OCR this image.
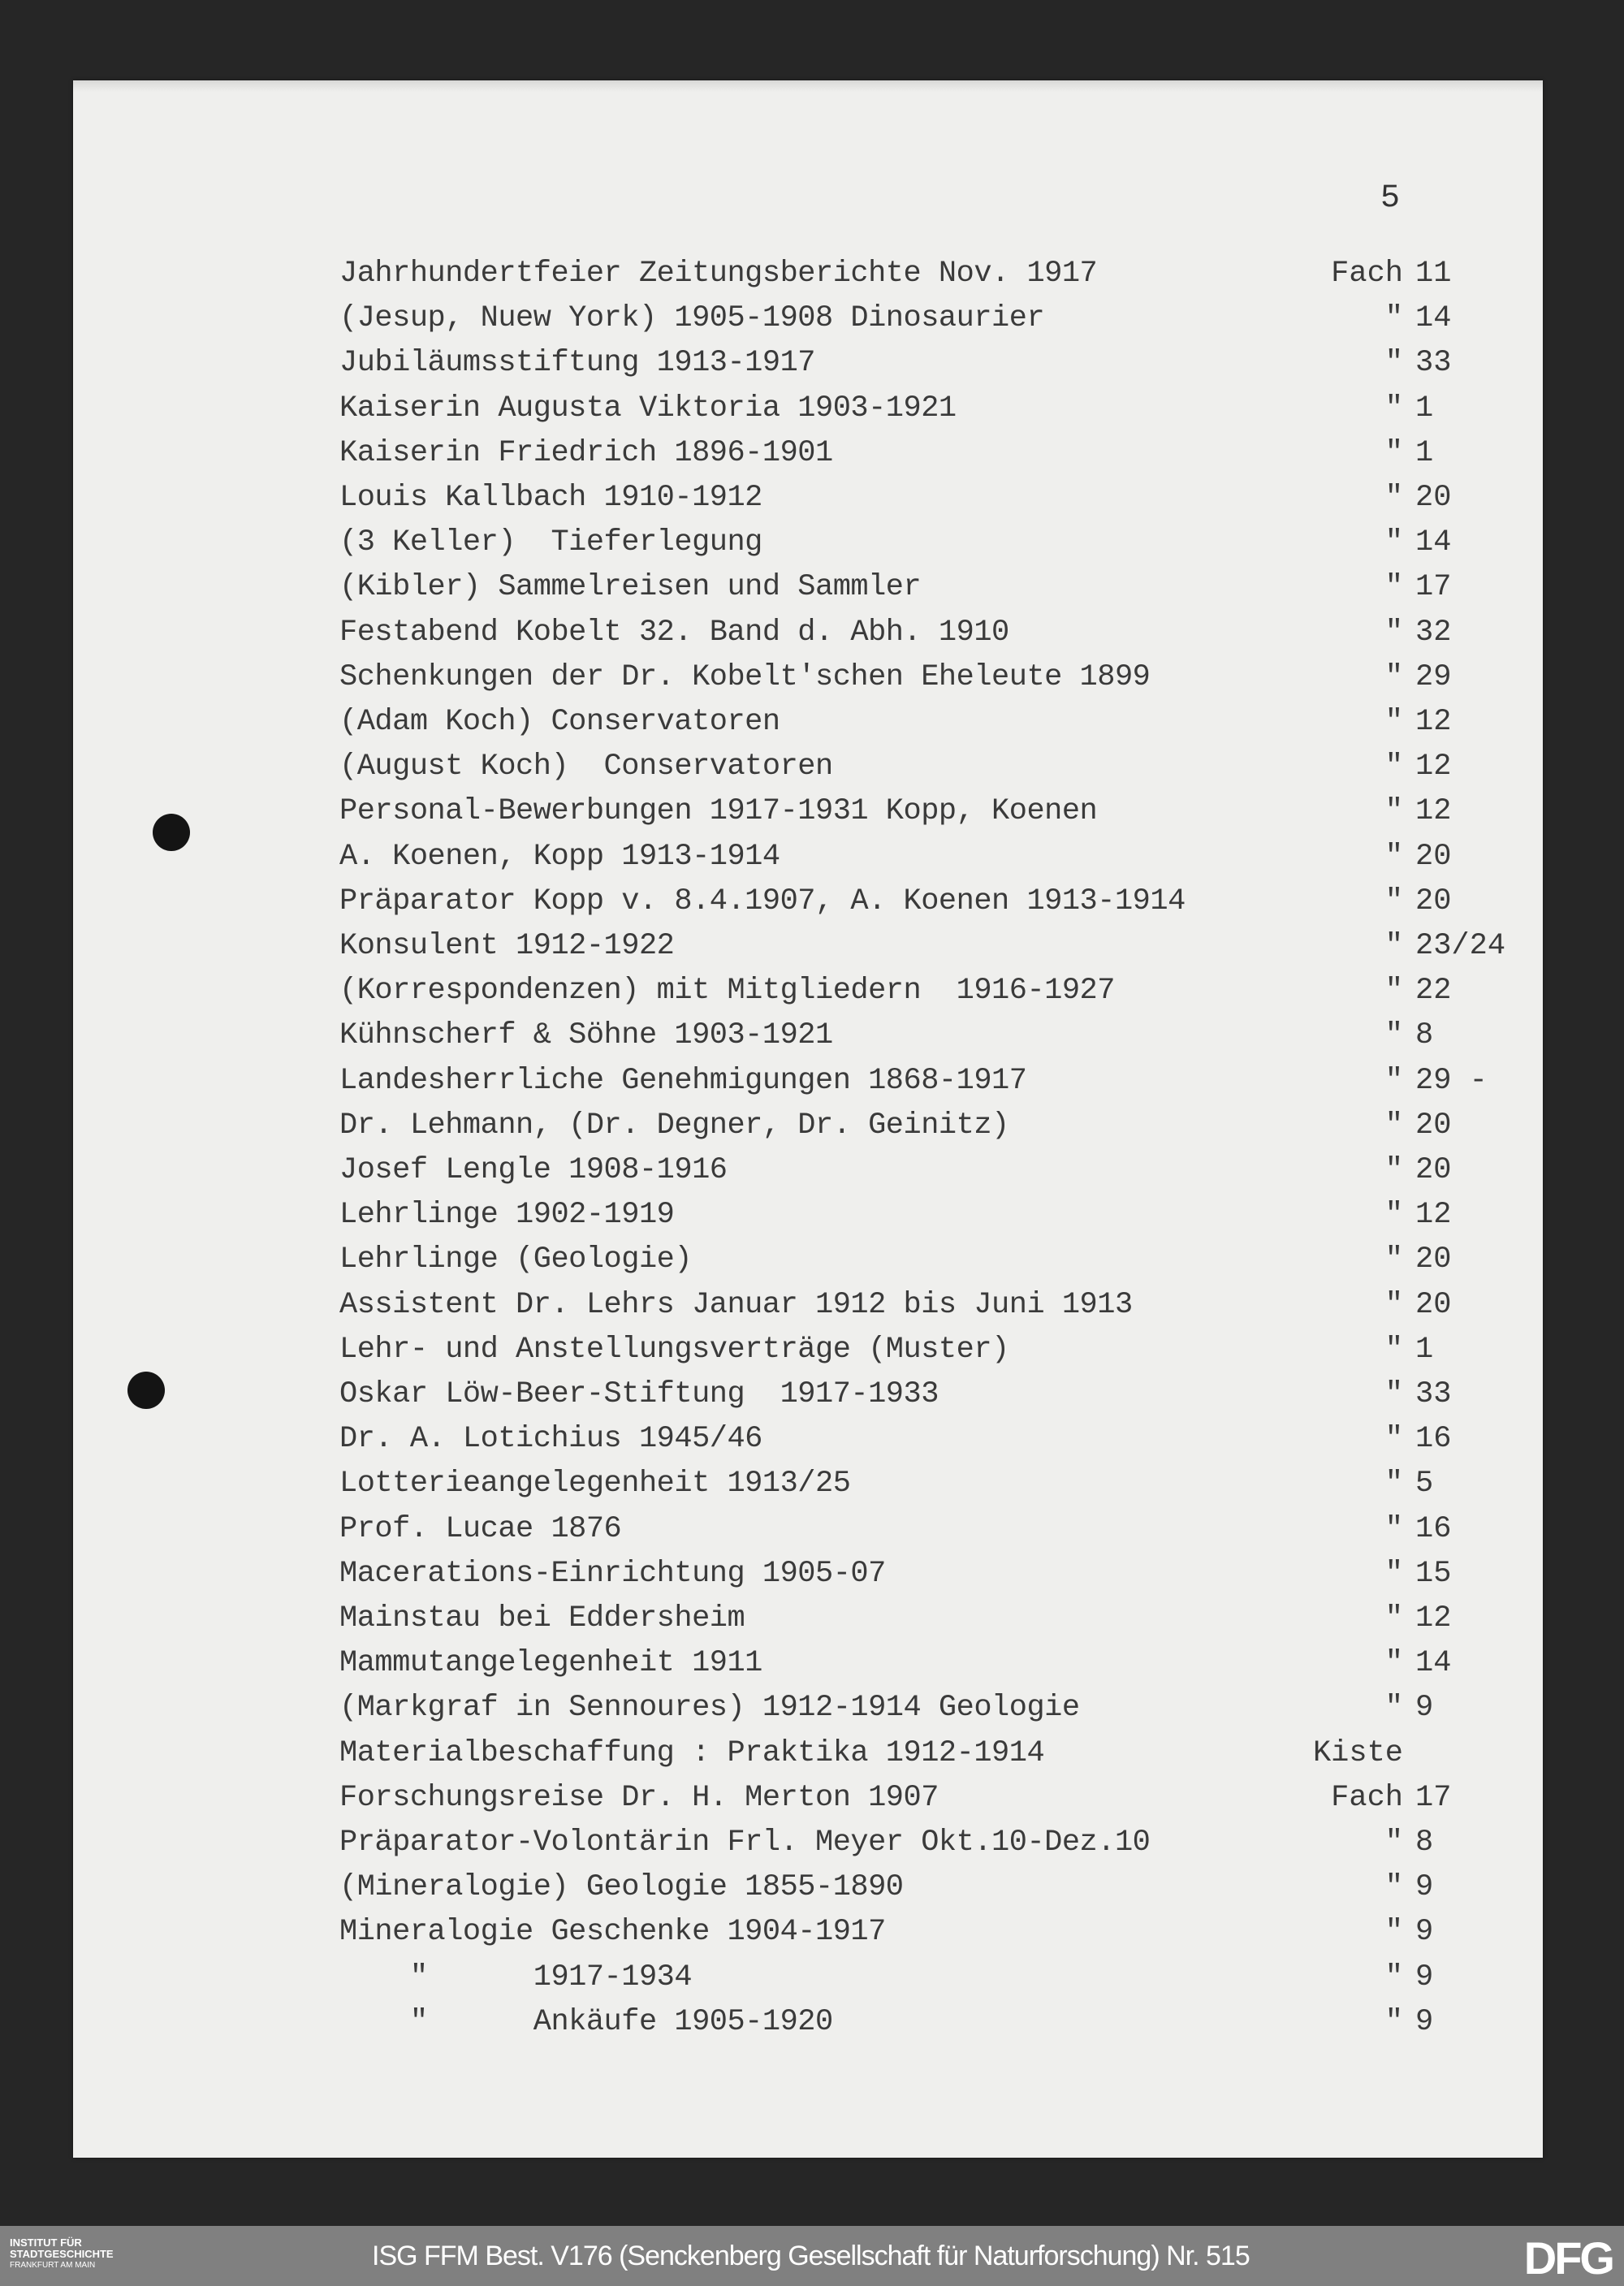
5
Jahrhundertfeier Zeitungsberichte Nov. 1917	Fach 11
(Jesup, Nuew York) 1905-1908 Dinosaurier	" 14
Jubiläumsstiftung 1913-1917	" 33
Kaiserin Augusta Viktoria 1903-1921	" 1
Kaiserin Friedrich 1896-1901	" 1
Louis Kallbach 1910-1912	" 20
(3 Keller)  Tieferlegung	" 14
(Kibler) Sammelreisen und Sammler	" 17
Festabend Kobelt 32. Band d. Abh. 1910	" 32
Schenkungen der Dr. Kobelt'schen Eheleute 1899	" 29
(Adam Koch) Conservatoren	" 12
(August Koch)  Conservatoren	" 12
Personal-Bewerbungen 1917-1931 Kopp, Koenen	" 12
A. Koenen, Kopp 1913-1914	" 20
Präparator Kopp v. 8.4.1907, A. Koenen 1913-1914	" 20
Konsulent 1912-1922	" 23/24
(Korrespondenzen) mit Mitgliedern  1916-1927	" 22
Kühnscherf & Söhne 1903-1921	" 8
Landesherrliche Genehmigungen 1868-1917	" 29 -
Dr. Lehmann, (Dr. Degner, Dr. Geinitz)	" 20
Josef Lengle 1908-1916	" 20
Lehrlinge 1902-1919	" 12
Lehrlinge (Geologie)	" 20
Assistent Dr. Lehrs Januar 1912 bis Juni 1913	" 20
Lehr- und Anstellungsverträge (Muster)	" 1
Oskar Löw-Beer-Stiftung  1917-1933	" 33
Dr. A. Lotichius 1945/46	" 16
Lotterieangelegenheit 1913/25	" 5
Prof. Lucae 1876	" 16
Macerations-Einrichtung 1905-07	" 15
Mainstau bei Eddersheim	" 12
Mammutangelegenheit 1911	" 14
(Markgraf in Sennoures) 1912-1914 Geologie	" 9
Materialbeschaffung : Praktika 1912-1914	Kiste
Forschungsreise Dr. H. Merton 1907	Fach 17
Präparator-Volontärin Frl. Meyer Okt.10-Dez.10	" 8
(Mineralogie) Geologie 1855-1890	" 9
Mineralogie Geschenke 1904-1917	" 9
"      1917-1934	" 9
"      Ankäufe 1905-1920	" 9
INSTITUT FÜR
STADTGESCHICHTE
FRANKFURT AM MAIN	ISG FFM Best. V176 (Senckenberg Gesellschaft für Naturforschung) Nr. 515	DFG
